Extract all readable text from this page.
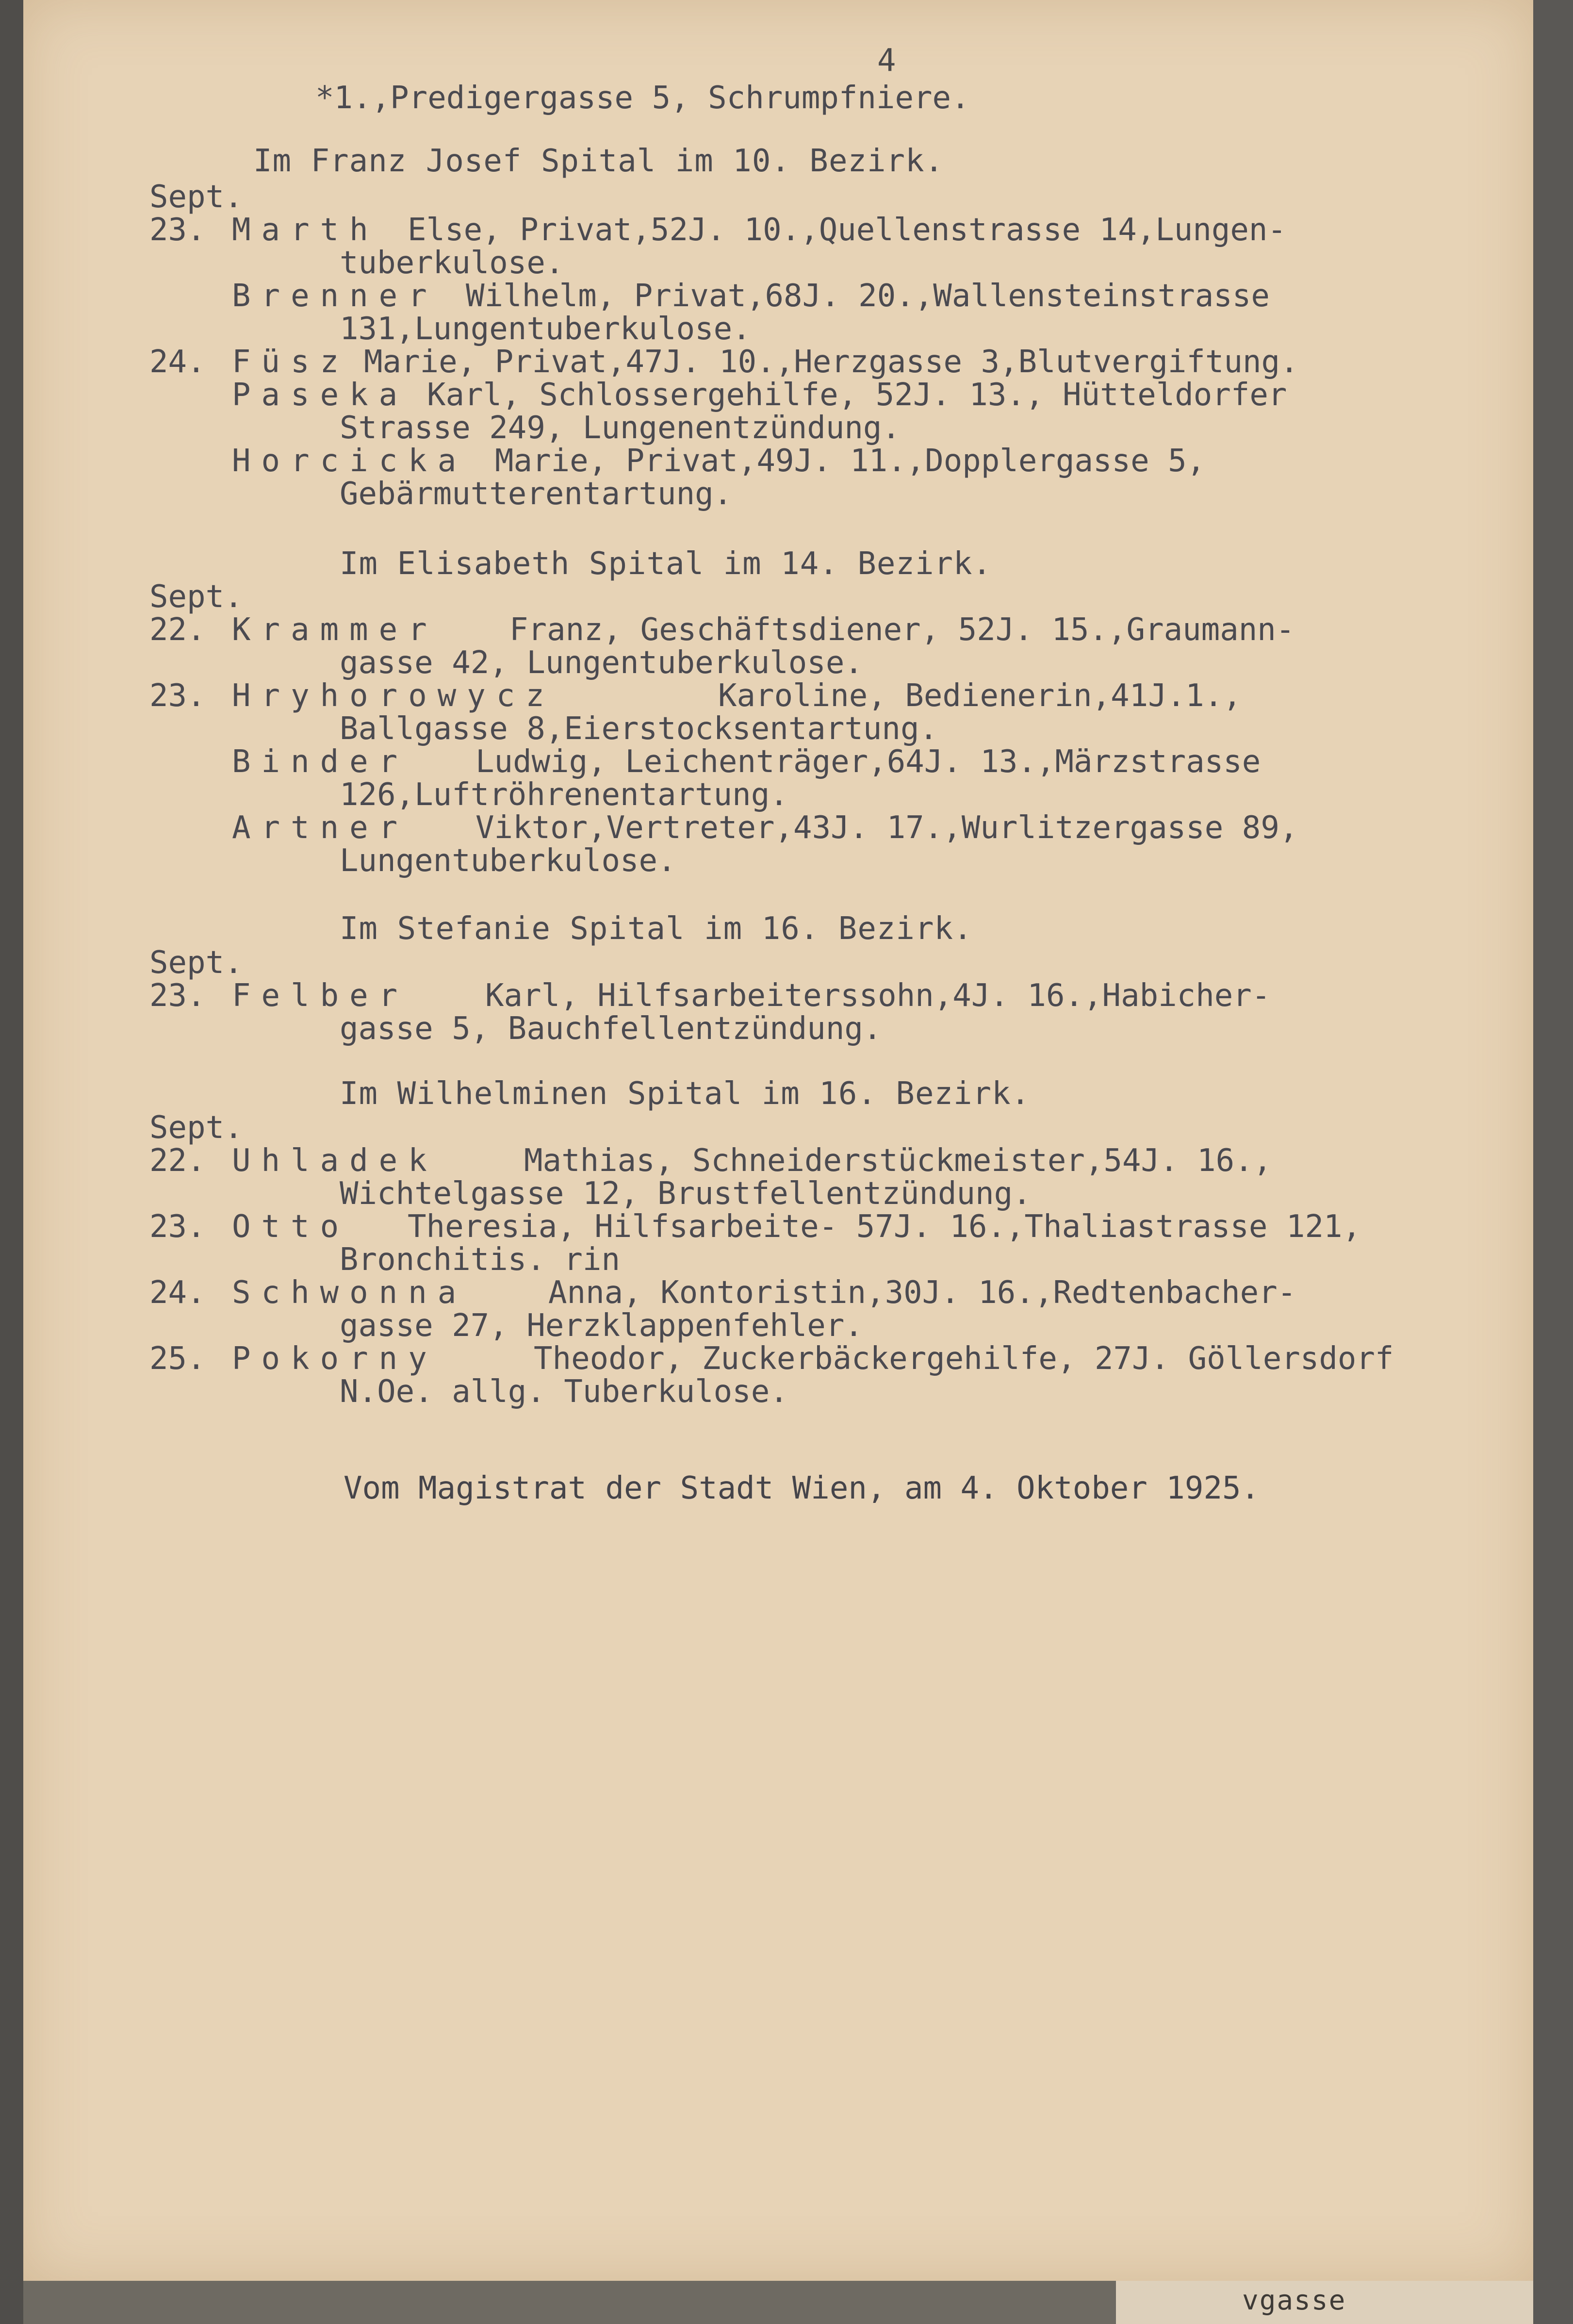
vgasse
4
*1.,Predigergasse 5, Schrumpfniere.
Im Franz Josef Spital im 10. Bezirk.
Sept.
23. Marth Else, Privat,52J. 10.,Quellenstrasse 14,Lungen-
tuberkulose.
Brenner Wilhelm, Privat,68J. 20.,Wallensteinstrasse
131,Lungentuberkulose.
24. Füsz Marie, Privat,47J. 10.,Herzgasse 3,Blutvergiftung.
Paseka Karl, Schlossergehilfe, 52J. 13., Hütteldorfer
Strasse 249, Lungenentzündung.
Horcicka Marie, Privat,49J. 11.,Dopplergasse 5,
Gebärmutterentartung.
Im Elisabeth Spital im 14. Bezirk.
Sept.
22. Krammer Franz, Geschäftsdiener, 52J. 15.,Graumann-
gasse 42, Lungentuberkulose.
23. Hryhorowycz	Karoline, Bedienerin,41J.1.,
Ballgasse 8,Eierstocksentartung.
Binder Ludwig, Leichenträger,64J. 13.,Märzstrasse
126,Luftröhrenentartung.
Artner Viktor,Vertreter,43J. 17.,Wurlitzergasse 89,
Lungentuberkulose.
Im Stefanie Spital im 16. Bezirk.
Sept.
23. Felber Karl, Hilfsarbeiterssohn,4J. 16.,Habicher-
gasse 5, Bauchfellentzündung.
Im Wilhelminen Spital im 16. Bezirk.
Sept.
22. Uhladek	Mathias, Schneiderstückmeister,54J. 16.,
Wichtelgasse 12, Brustfellentzündung.
23. Otto Theresia, Hilfsarbeite- 57J. 16.,Thaliastrasse 121,
Bronchitis. rin
24. Schwonna	Anna, Kontoristin,30J. 16.,Redtenbacher-
gasse 27, Herzklappenfehler.
25. Pokorny	Theodor, Zuckerbäckergehilfe, 27J. Göllersdorf
N.Oe. allg. Tuberkulose.
Vom Magistrat der Stadt Wien, am 4. Oktober 1925.
